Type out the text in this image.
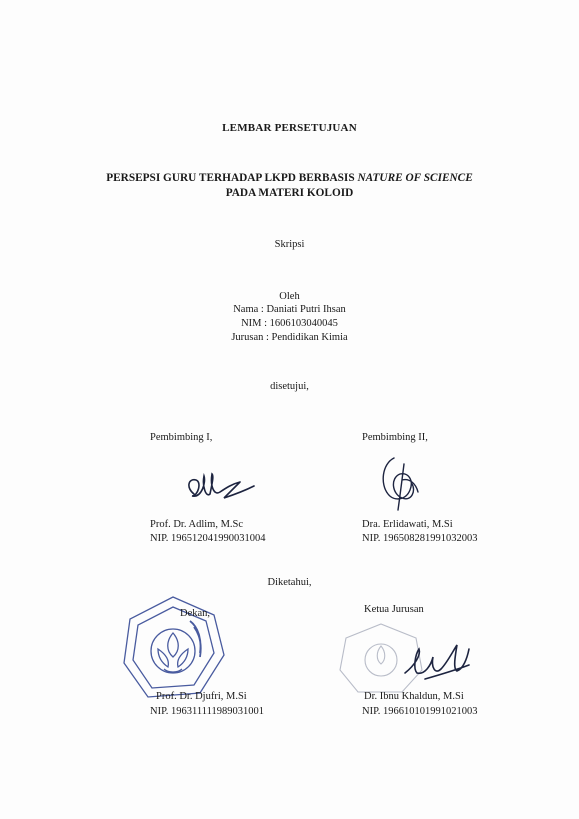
LEMBAR PERSETUJUAN
PERSEPSI GURU TERHADAP LKPD BERBASIS NATURE OF SCIENCE
PADA MATERI KOLOID
Skripsi
Oleh
Nama : Daniati Putri Ihsan
NIM : 1606103040045
Jurusan : Pendidikan Kimia
disetujui,
Pembimbing I,
Prof. Dr. Adlim, M.Sc
NIP. 196512041990031004
Pembimbing II,
Dra. Erlidawati, M.Si
NIP. 196508281991032003
Diketahui,
Dekan,
Prof. Dr. Djufri, M.Si
NIP. 196311111989031001
Ketua Jurusan
Dr. Ibnu Khaldun, M.Si
NIP. 196610101991021003
